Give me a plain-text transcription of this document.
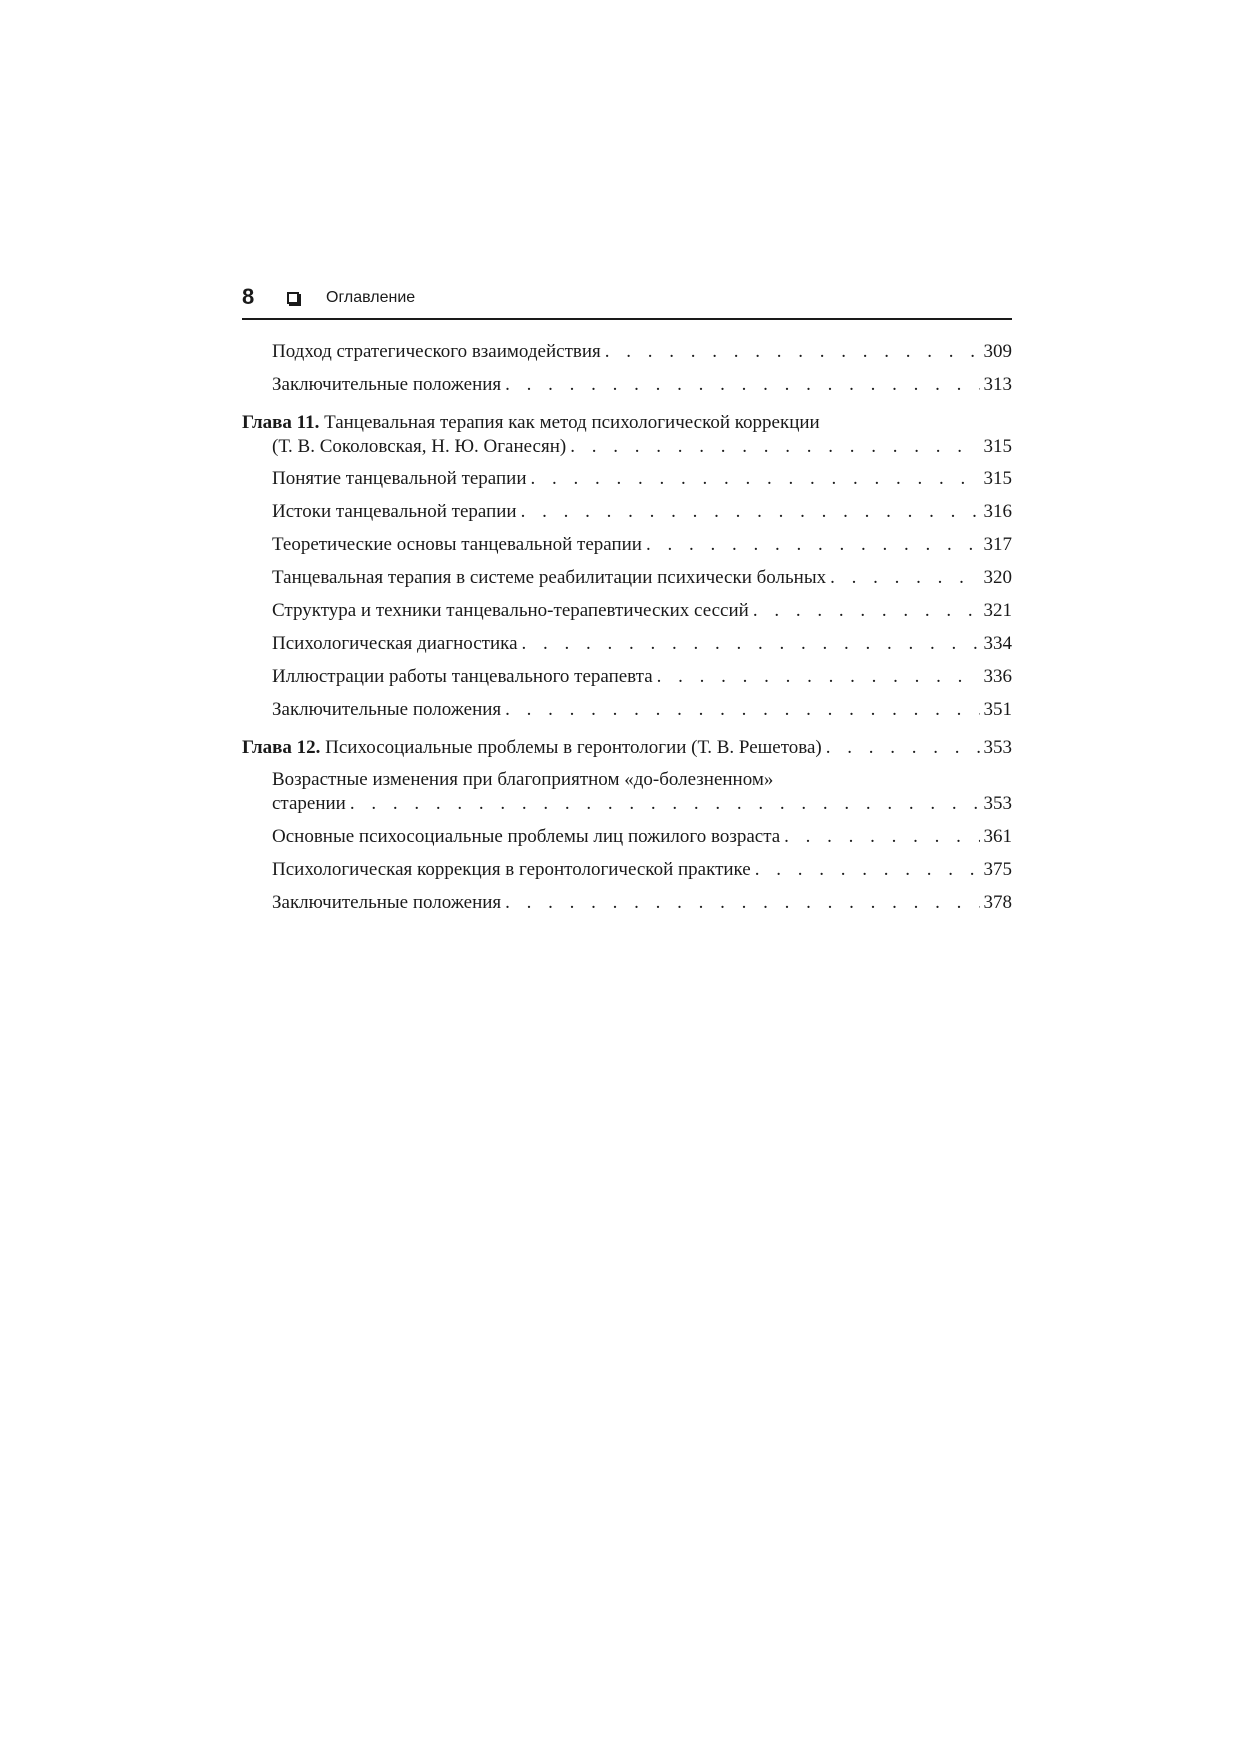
8	Оглавление
Подход стратегического взаимодействия . . .	309
Заключительные положения . . .	313
Глава 11. Танцевальная терапия как метод психологической коррекции
(Т. В. Соколовская, Н. Ю. Оганесян) . . .	315
Понятие танцевальной терапии . . .	315
Истоки танцевальной терапии . . .	316
Теоретические основы танцевальной терапии . . .	317
Танцевальная терапия в системе реабилитации психически больных . . .	320
Структура и техники танцевально-терапевтических сессий . . .	321
Психологическая диагностика . . .	334
Иллюстрации работы танцевального терапевта . . .	336
Заключительные положения . . .	351
Глава 12. Психосоциальные проблемы в геронтологии (Т. В. Решетова) . . .	353
Возрастные изменения при благоприятном «до-болезненном»
старении . . .	353
Основные психосоциальные проблемы лиц пожилого возраста . . .	361
Психологическая коррекция в геронтологической практике . . .	375
Заключительные положения . . .	378
